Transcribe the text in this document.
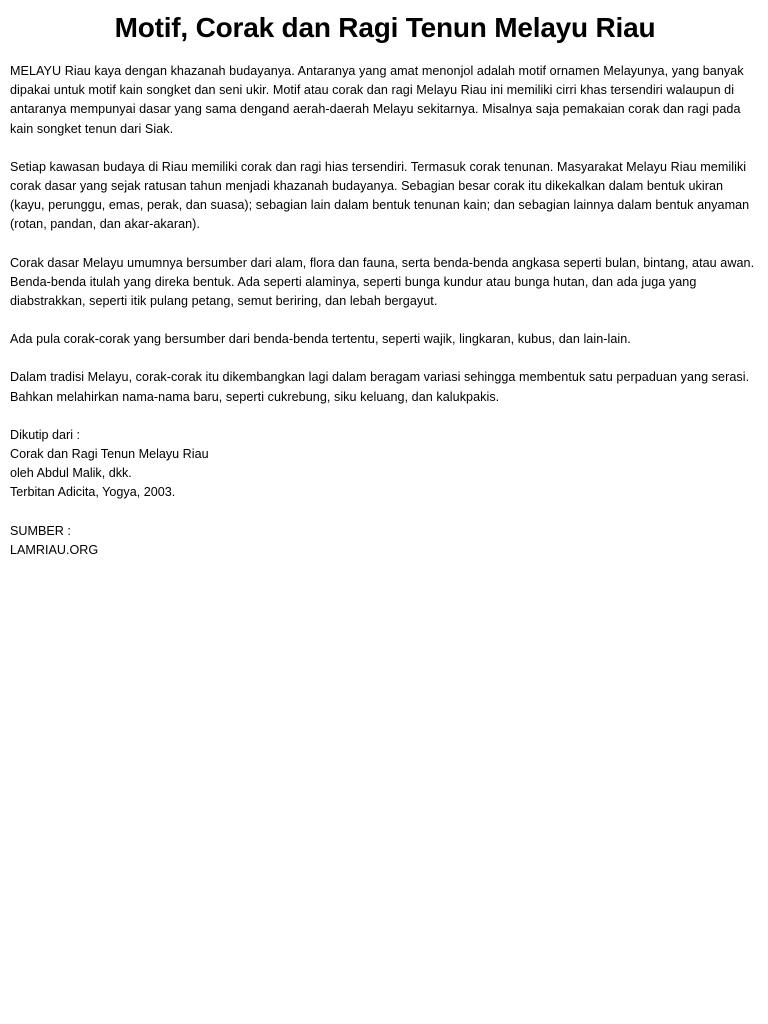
Motif, Corak dan Ragi Tenun Melayu Riau

MELAYU Riau kaya dengan khazanah budayanya. Antaranya yang amat menonjol adalah motif ornamen Melayunya, yang banyak dipakai untuk motif kain songket dan seni ukir. Motif atau corak dan ragi Melayu Riau ini memiliki cirri khas tersendiri walaupun di antaranya mempunyai dasar yang sama dengand aerah-daerah Melayu sekitarnya. Misalnya saja pemakaian corak dan ragi pada kain songket tenun dari Siak.

Setiap kawasan budaya di Riau memiliki corak dan ragi hias tersendiri. Termasuk corak tenunan. Masyarakat Melayu Riau memiliki corak dasar yang sejak ratusan tahun menjadi khazanah budayanya. Sebagian besar corak itu dikekalkan dalam bentuk ukiran (kayu, perunggu, emas, perak, dan suasa); sebagian lain dalam bentuk tenunan kain; dan sebagian lainnya dalam bentuk anyaman (rotan, pandan, dan akar-akaran).

Corak dasar Melayu umumnya bersumber dari alam, flora dan fauna, serta benda-benda angkasa seperti bulan, bintang, atau awan. Benda-benda itulah yang direka bentuk. Ada seperti alaminya, seperti bunga kundur atau bunga hutan, dan ada juga yang diabstrakkan, seperti itik pulang petang, semut beriring, dan lebah bergayut.

Ada pula corak-corak yang bersumber dari benda-benda tertentu, seperti wajik, lingkaran, kubus, dan lain-lain.

Dalam tradisi Melayu, corak-corak itu dikembangkan lagi dalam beragam variasi sehingga membentuk satu perpaduan yang serasi. Bahkan melahirkan nama-nama baru, seperti cukrebung, siku keluang, dan kalukpakis.

Dikutip dari :
Corak dan Ragi Tenun Melayu Riau
oleh Abdul Malik, dkk.
Terbitan Adicita, Yogya, 2003.
SUMBER :
LAMRIAU.ORG
